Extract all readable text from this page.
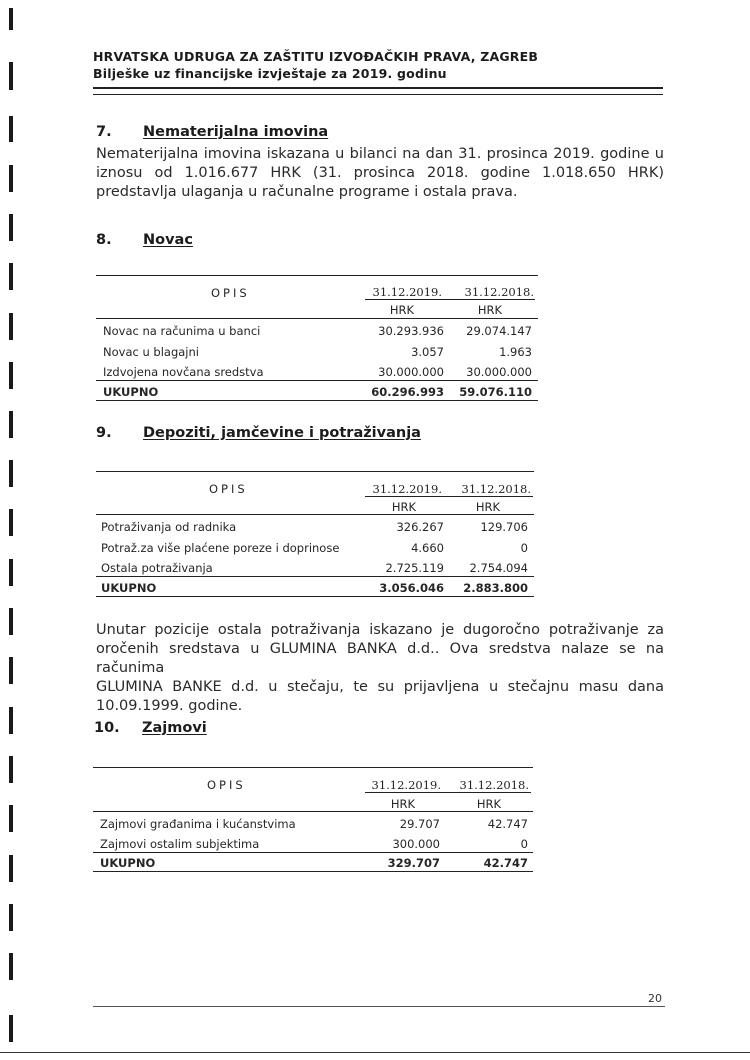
HRVATSKA UDRUGA ZA ZAŠTITU IZVOĐAČKIH PRAVA, ZAGREB
Bilješke uz financijske izvještaje za 2019. godinu
7. Nematerijalna imovina
Nematerijalna imovina iskazana u bilanci na dan 31. prosinca 2019. godine u
iznosu od 1.016.677 HRK (31. prosinca 2018. godine 1.018.650 HRK)
predstavlja ulaganja u računalne programe i ostala prava.
8. Novac
OPIS	31.12.2019.	31.12.2018.
HRK	HRK
Novac na računima u banci	30.293.936	29.074.147
Novac u blagajni	3.057	1.963
Izdvojena novčana sredstva	30.000.000	30.000.000
UKUPNO	60.296.993	59.076.110
9. Depoziti, jamčevine i potraživanja
OPIS	31.12.2019.	31.12.2018.
HRK	HRK
Potraživanja od radnika	326.267	129.706
Potraž.za više plaćene poreze i doprinose	4.660	0
Ostala potraživanja	2.725.119	2.754.094
UKUPNO	3.056.046	2.883.800
Unutar pozicije ostala potraživanja iskazano je dugoročno potraživanje za
oročenih sredstava u GLUMINA BANKA d.d.. Ova sredstva nalaze se na računima
GLUMINA BANKE d.d. u stečaju, te su prijavljena u stečajnu masu dana
10.09.1999. godine.
10. Zajmovi
OPIS	31.12.2019.	31.12.2018.
HRK	HRK
Zajmovi građanima i kućanstvima	29.707	42.747
Zajmovi ostalim subjektima	300.000	0
UKUPNO	329.707	42.747
20
